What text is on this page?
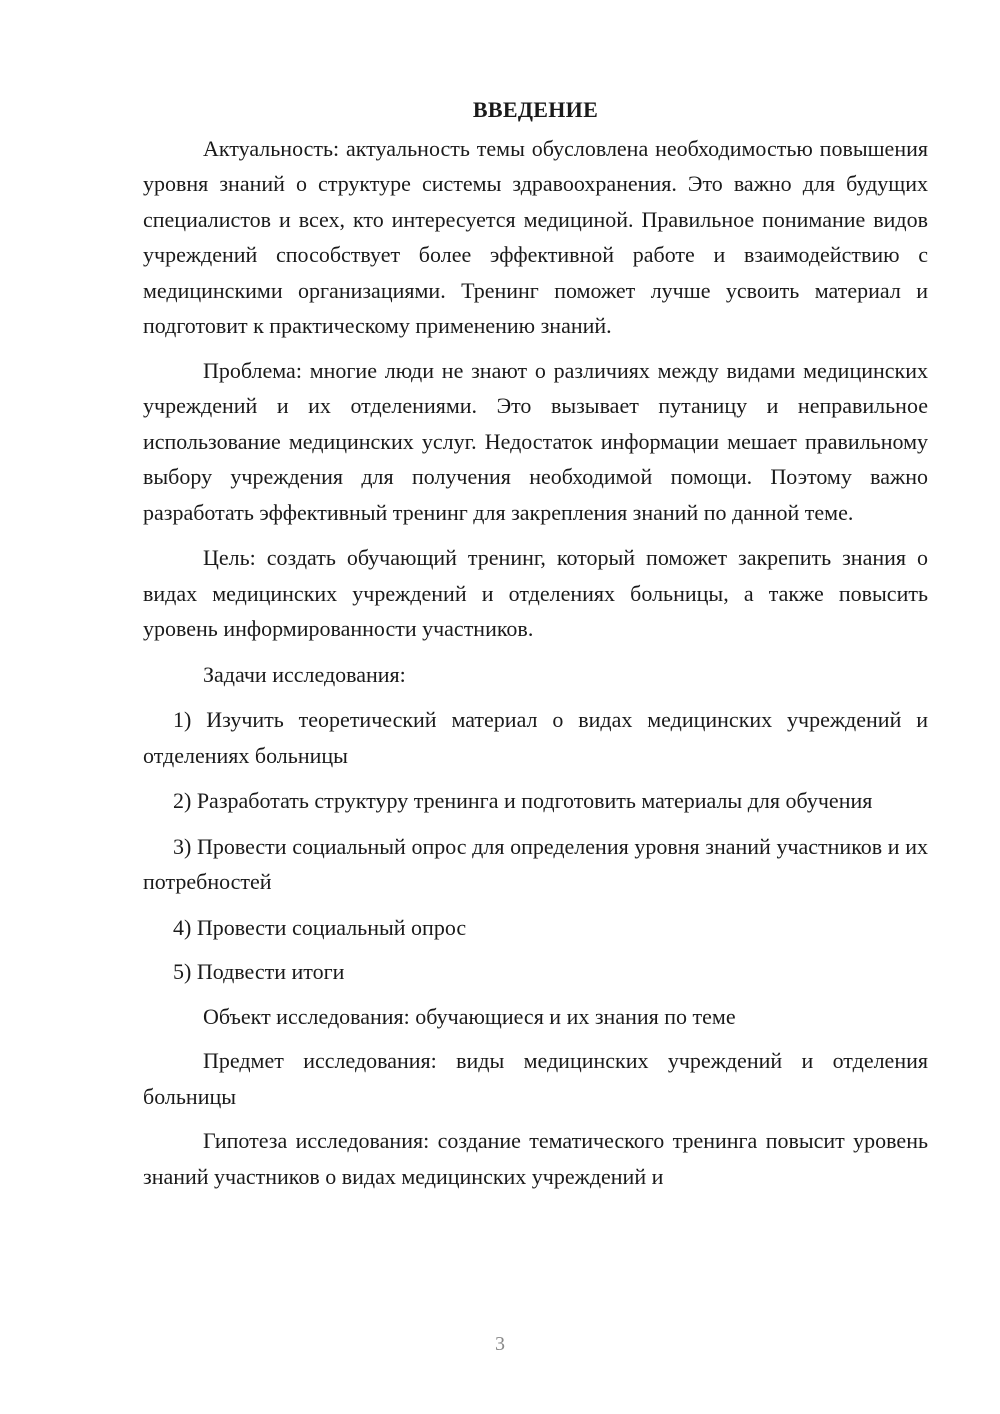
ВВЕДЕНИЕ

Актуальность: актуальность темы обусловлена необходимостью повышения уровня знаний о структуре системы здравоохранения. Это важно для будущих специалистов и всех, кто интересуется медициной. Правильное понимание видов учреждений способствует более эффективной работе и взаимодействию с медицинскими организациями. Тренинг поможет лучше усвоить материал и подготовит к практическому применению знаний.

Проблема: многие люди не знают о различиях между видами медицинских учреждений и их отделениями. Это вызывает путаницу и неправильное использование медицинских услуг. Недостаток информации мешает правильному выбору учреждения для получения необходимой помощи. Поэтому важно разработать эффективный тренинг для закрепления знаний по данной теме.

Цель: создать обучающий тренинг, который поможет закрепить знания о видах медицинских учреждений и отделениях больницы, а также повысить уровень информированности участников.

Задачи исследования:

1) Изучить теоретический материал о видах медицинских учреждений и отделениях больницы

2) Разработать структуру тренинга и подготовить материалы для обучения

3) Провести социальный опрос для определения уровня знаний участников и их потребностей

4) Провести социальный опрос

5) Подвести итоги

Объект исследования: обучающиеся и их знания по теме

Предмет исследования: виды медицинских учреждений и отделения больницы

Гипотеза исследования: создание тематического тренинга повысит уровень знаний участников о видах медицинских учреждений и

3
